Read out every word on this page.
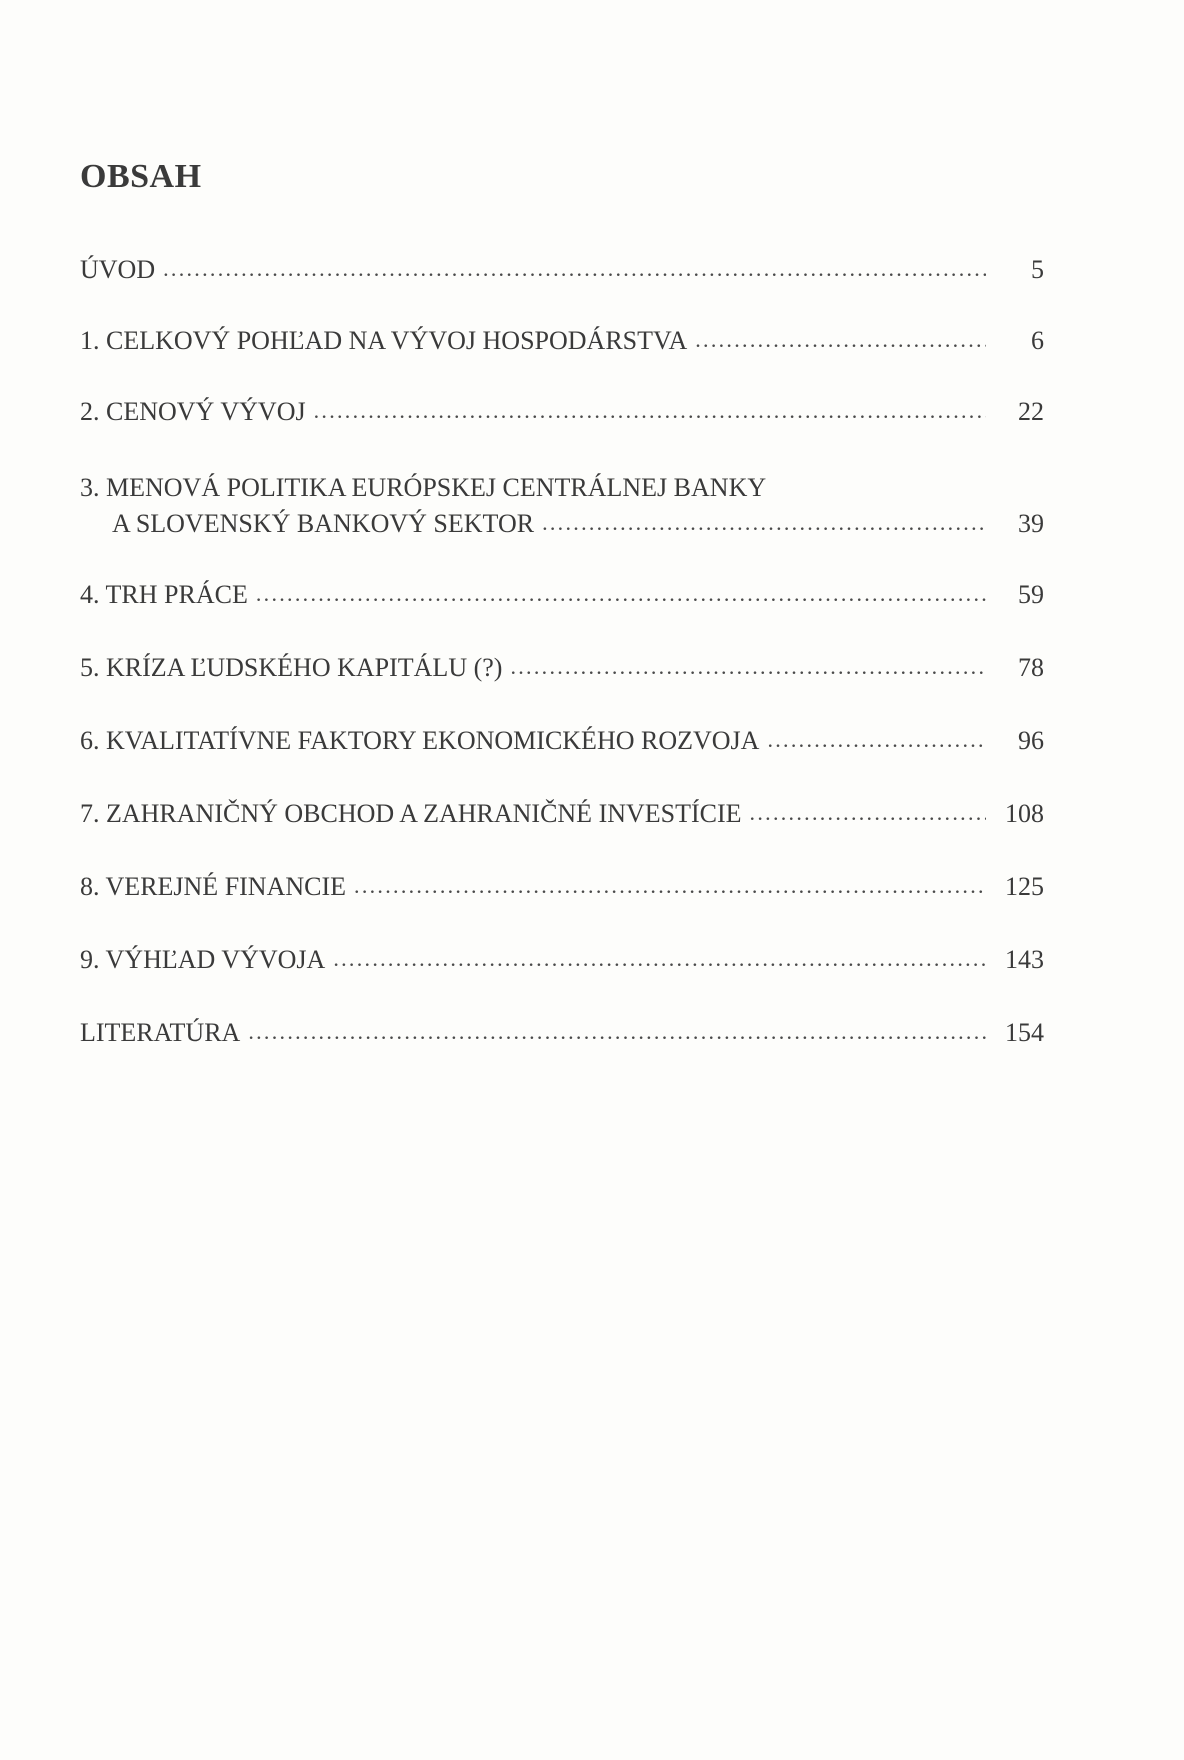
OBSAH
ÚVOD . . .	5
1. CELKOVÝ POHĽAD NA VÝVOJ HOSPODÁRSTVA . . .	6
2. CENOVÝ VÝVOJ . . .	22
3. MENOVÁ POLITIKA EURÓPSKEJ CENTRÁLNEJ BANKY
A SLOVENSKÝ BANKOVÝ SEKTOR . . .	39
4. TRH PRÁCE . . .	59
5. KRÍZA ĽUDSKÉHO KAPITÁLU (?) . . .	78
6. KVALITATÍVNE FAKTORY EKONOMICKÉHO ROZVOJA . . .	96
7. ZAHRANIČNÝ OBCHOD A ZAHRANIČNÉ INVESTÍCIE . . .	108
8. VEREJNÉ FINANCIE . . .	125
9. VÝHĽAD VÝVOJA . . .	143
LITERATÚRA . . .	154
